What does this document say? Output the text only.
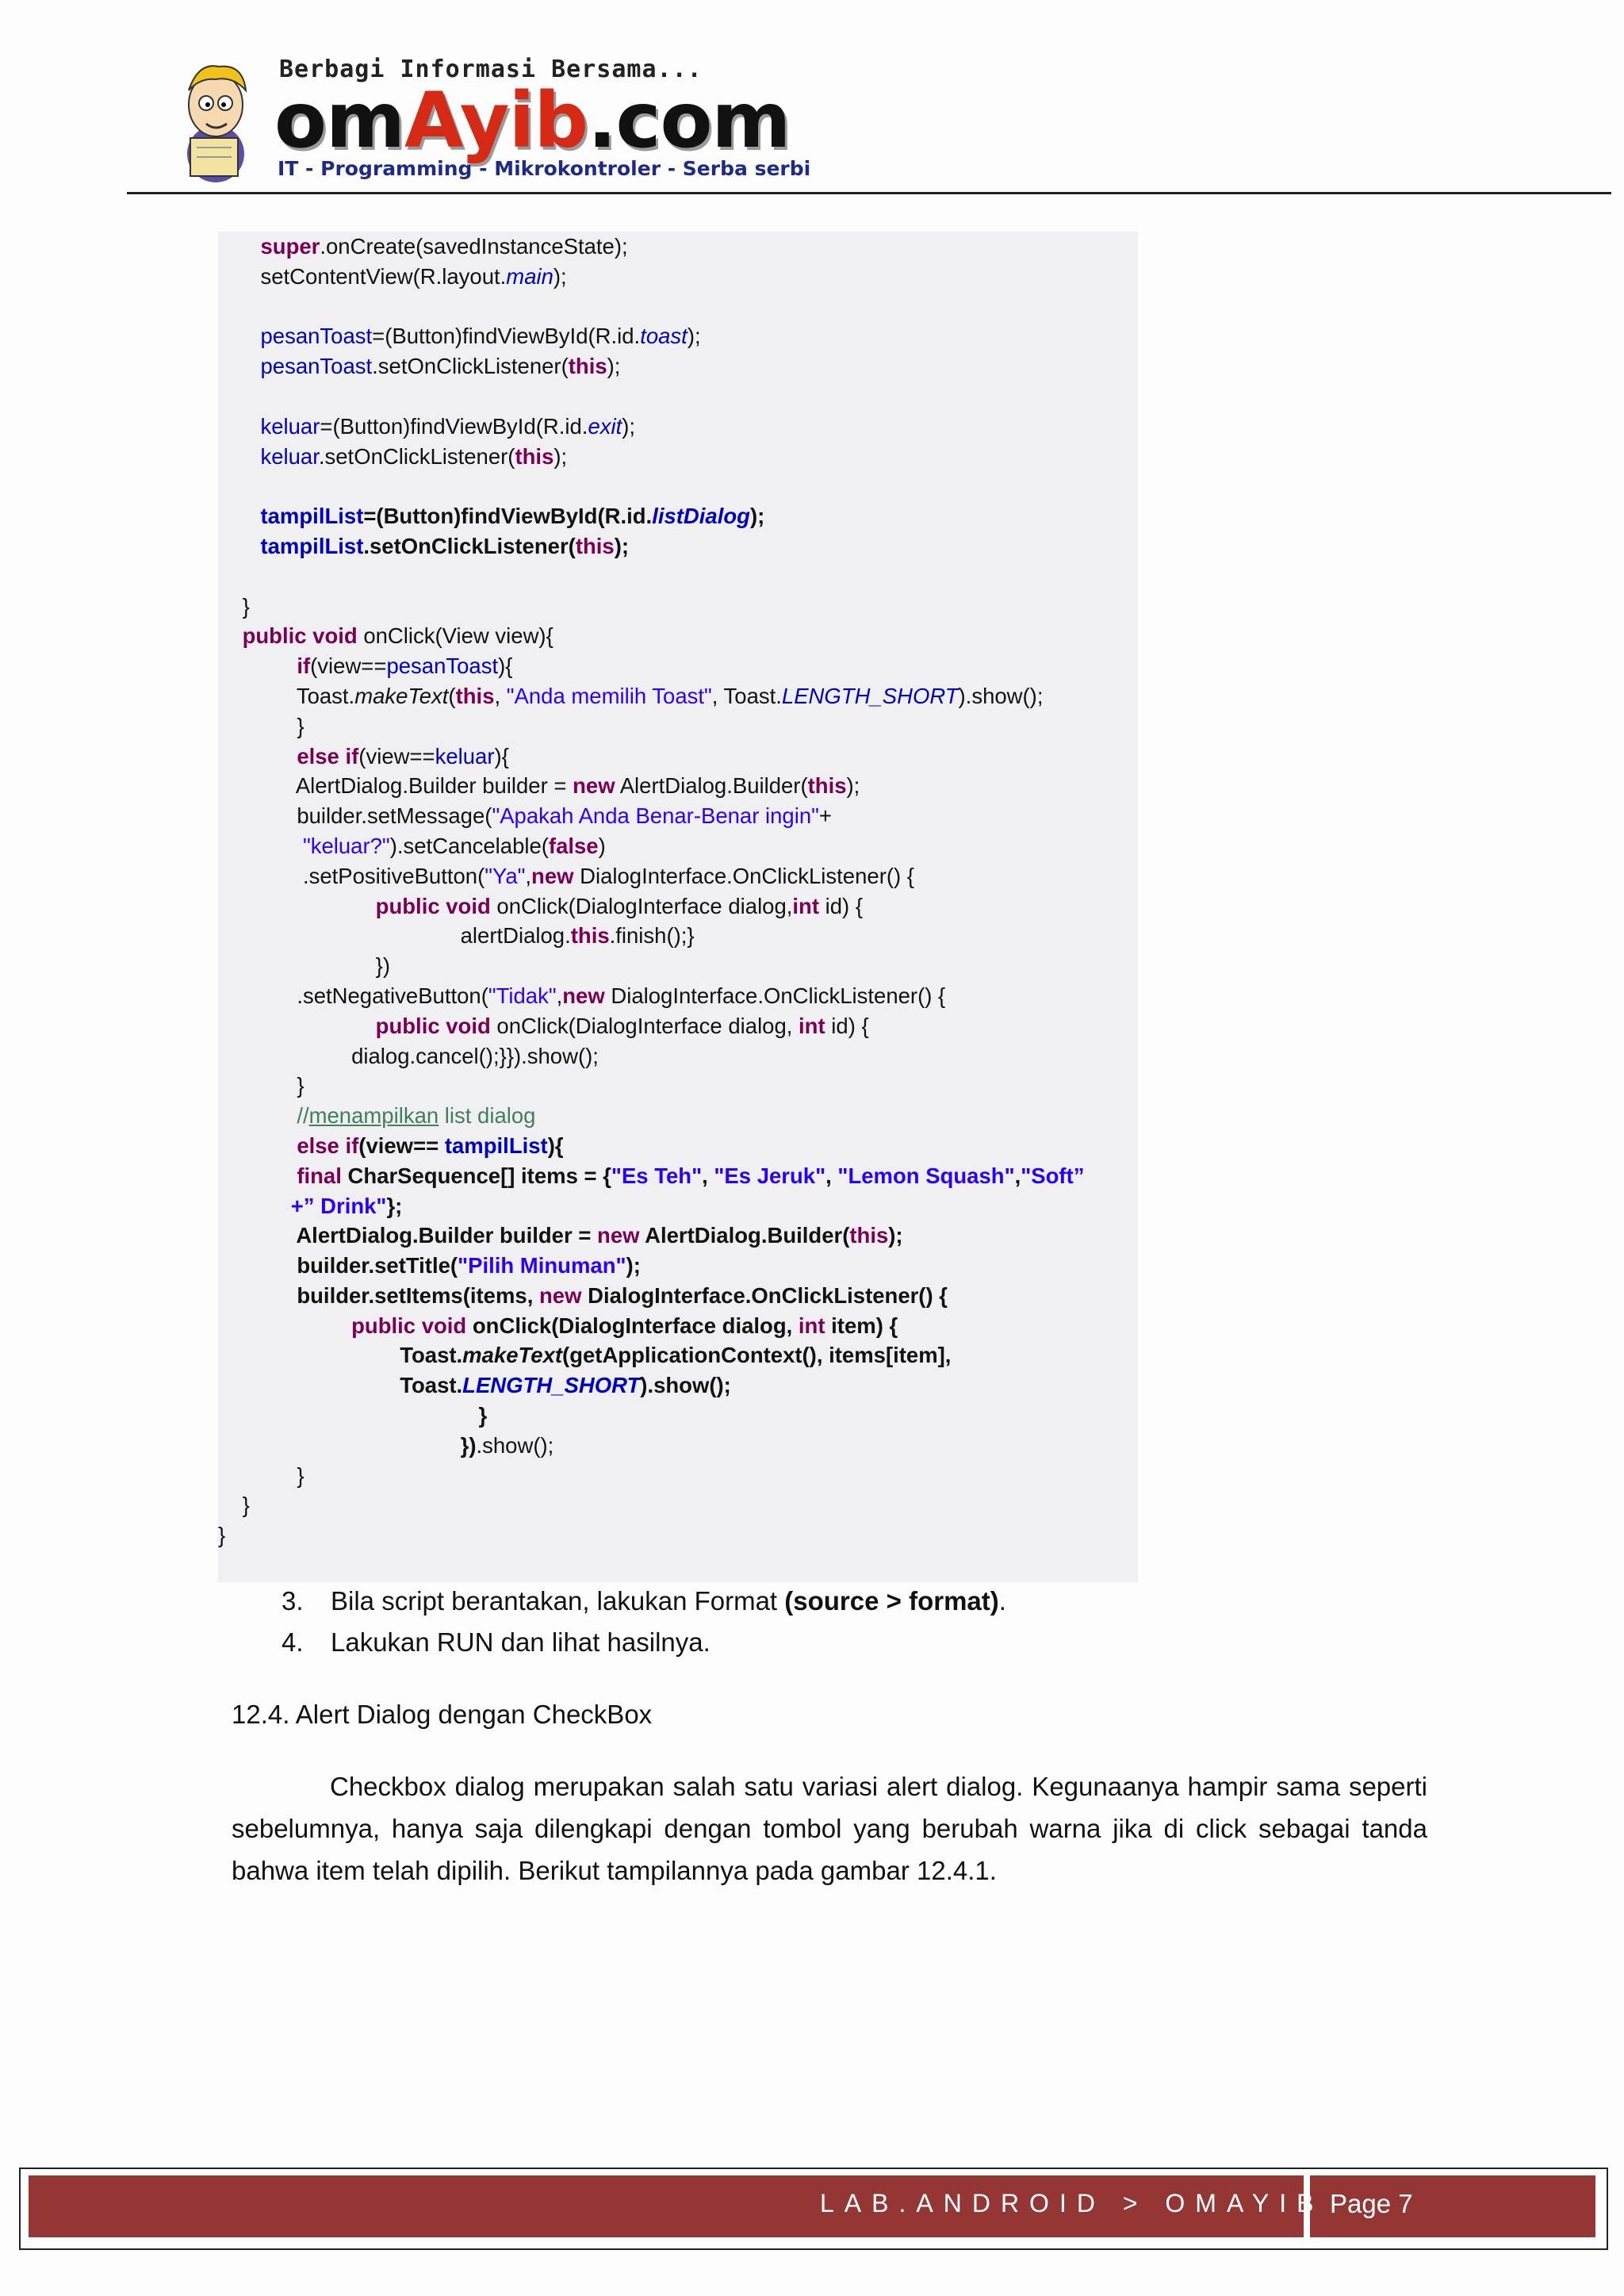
Berbagi Informasi Bersama...
omAyib.com
IT - Programming - Mikrokontroler - Serba serbi
super.onCreate(savedInstanceState);
setContentView(R.layout.main);

pesanToast=(Button)findViewById(R.id.toast);
pesanToast.setOnClickListener(this);

keluar=(Button)findViewById(R.id.exit);
keluar.setOnClickListener(this);

tampilList=(Button)findViewById(R.id.listDialog);
tampilList.setOnClickListener(this);

}
public void onClick(View view){
if(view==pesanToast){
Toast.makeText(this, "Anda memilih Toast", Toast.LENGTH_SHORT).show();
}
else if(view==keluar){
AlertDialog.Builder builder = new AlertDialog.Builder(this);
builder.setMessage("Apakah Anda Benar-Benar ingin"+
"keluar?").setCancelable(false)
.setPositiveButton("Ya",new DialogInterface.OnClickListener() {
public void onClick(DialogInterface dialog,int id) {
alertDialog.this.finish();}
})
.setNegativeButton("Tidak",new DialogInterface.OnClickListener() {
public void onClick(DialogInterface dialog, int id) {
dialog.cancel();}}).show();
}
//menampilkan list dialog
else if(view== tampilList){
final CharSequence[] items = {"Es Teh", "Es Jeruk", "Lemon Squash","Soft”
+” Drink"};
AlertDialog.Builder builder = new AlertDialog.Builder(this);
builder.setTitle("Pilih Minuman");
builder.setItems(items, new DialogInterface.OnClickListener() {
public void onClick(DialogInterface dialog, int item) {
Toast.makeText(getApplicationContext(), items[item],
Toast.LENGTH_SHORT).show();
}
}).show();
}
}
}

3. Bila script berantakan, lakukan Format (source > format).
4. Lakukan RUN dan lihat hasilnya.
12.4. Alert Dialog dengan CheckBox
Checkbox dialog merupakan salah satu variasi alert dialog. Kegunaanya hampir sama seperti sebelumnya, hanya saja dilengkapi dengan tombol yang berubah warna jika di click sebagai tanda bahwa item telah dipilih. Berikut tampilannya pada gambar 12.4.1.
LAB.ANDROID > OMAYIB Page 7
